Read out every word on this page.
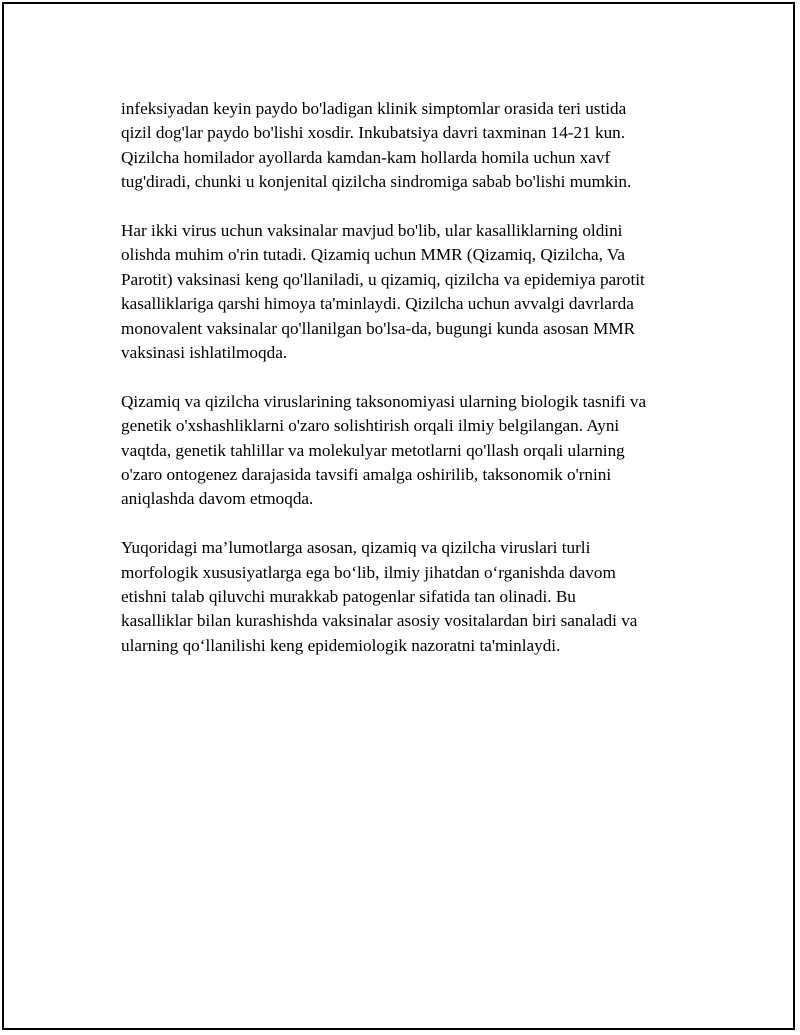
infeksiyadan keyin paydo bo'ladigan klinik simptomlar orasida teri ustida
qizil dog'lar paydo bo'lishi xosdir. Inkubatsiya davri taxminan 14-21 kun.
Qizilcha homilador ayollarda kamdan-kam hollarda homila uchun xavf
tug'diradi, chunki u konjenital qizilcha sindromiga sabab bo'lishi mumkin.

Har ikki virus uchun vaksinalar mavjud bo'lib, ular kasalliklarning oldini
olishda muhim o'rin tutadi. Qizamiq uchun MMR (Qizamiq, Qizilcha, Va
Parotit) vaksinasi keng qo'llaniladi, u qizamiq, qizilcha va epidemiya parotit
kasalliklariga qarshi himoya ta'minlaydi. Qizilcha uchun avvalgi davrlarda
monovalent vaksinalar qo'llanilgan bo'lsa-da, bugungi kunda asosan MMR
vaksinasi ishlatilmoqda.

Qizamiq va qizilcha viruslarining taksonomiyasi ularning biologik tasnifi va
genetik o'xshashliklarni o'zaro solishtirish orqali ilmiy belgilangan. Ayni
vaqtda, genetik tahlillar va molekulyar metotlarni qo'llash orqali ularning
o'zaro ontogenez darajasida tavsifi amalga oshirilib, taksonomik o'rnini
aniqlashda davom etmoqda.

Yuqoridagi ma’lumotlarga asosan, qizamiq va qizilcha viruslari turli
morfologik xususiyatlarga ega bo‘lib, ilmiy jihatdan o‘rganishda davom
etishni talab qiluvchi murakkab patogenlar sifatida tan olinadi. Bu
kasalliklar bilan kurashishda vaksinalar asosiy vositalardan biri sanaladi va
ularning qo‘llanilishi keng epidemiologik nazoratni ta'minlaydi.
